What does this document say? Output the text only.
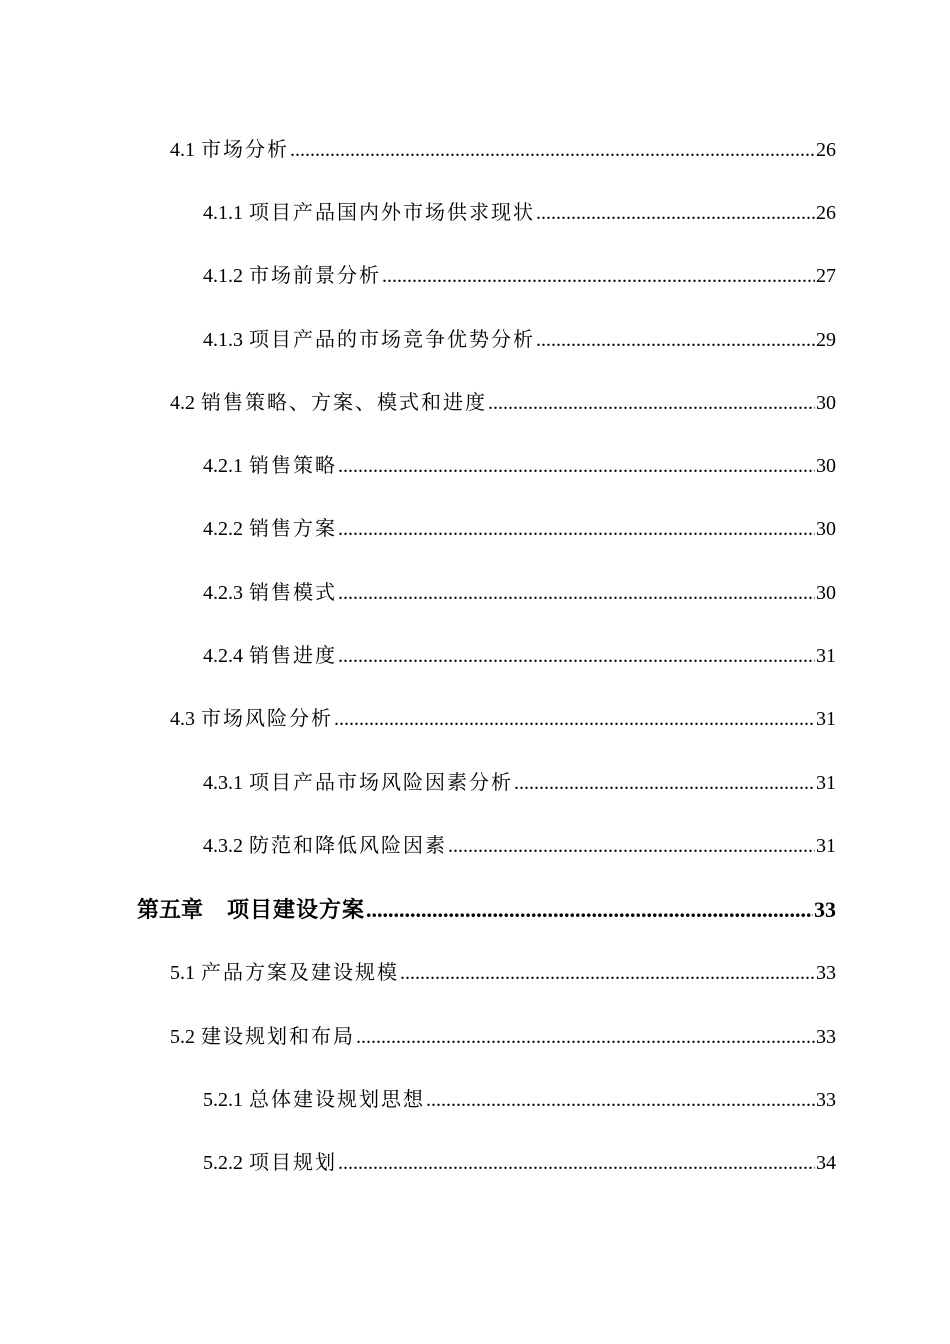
4.1 市场分析 .....	26
4.1.1 项目产品国内外市场供求现状 .....	26
4.1.2 市场前景分析 .....	27
4.1.3 项目产品的市场竞争优势分析 .....	29
4.2 销售策略、方案、模式和进度 .....	30
4.2.1 销售策略 .....	30
4.2.2 销售方案 .....	30
4.2.3 销售模式 .....	30
4.2.4 销售进度 .....	31
4.3 市场风险分析 .....	31
4.3.1 项目产品市场风险因素分析 .....	31
4.3.2 防范和降低风险因素 .....	31
第五章 项目建设方案 .....	33
5.1 产品方案及建设规模 .....	33
5.2 建设规划和布局 .....	33
5.2.1 总体建设规划思想 .....	33
5.2.2 项目规划 .....	34
